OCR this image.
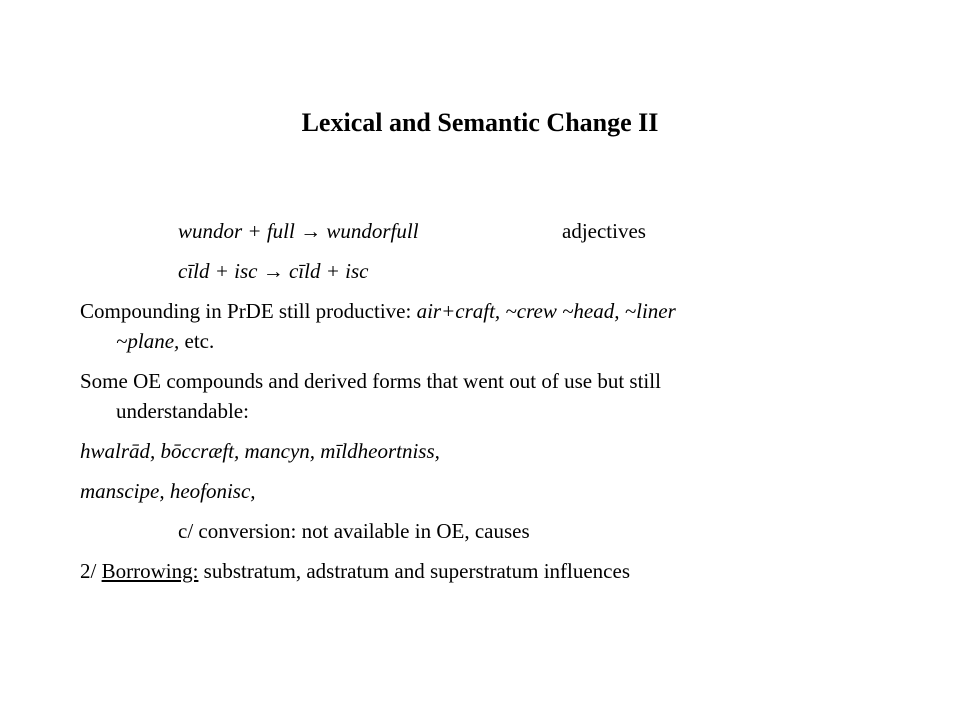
Lexical and Semantic Change II
wundor + full → wundorfull	adjectives
cīld + isc → cīld + isc
Compounding in PrDE still productive: air+craft, ~crew ~head, ~liner
~plane, etc.
Some OE compounds and derived forms that went out of use but still
understandable:
hwalrād, bōccræft, mancyn, mīldheortniss,
manscipe, heofonisc,
c/ conversion: not available in OE, causes
2/ Borrowing: substratum, adstratum and superstratum influences
